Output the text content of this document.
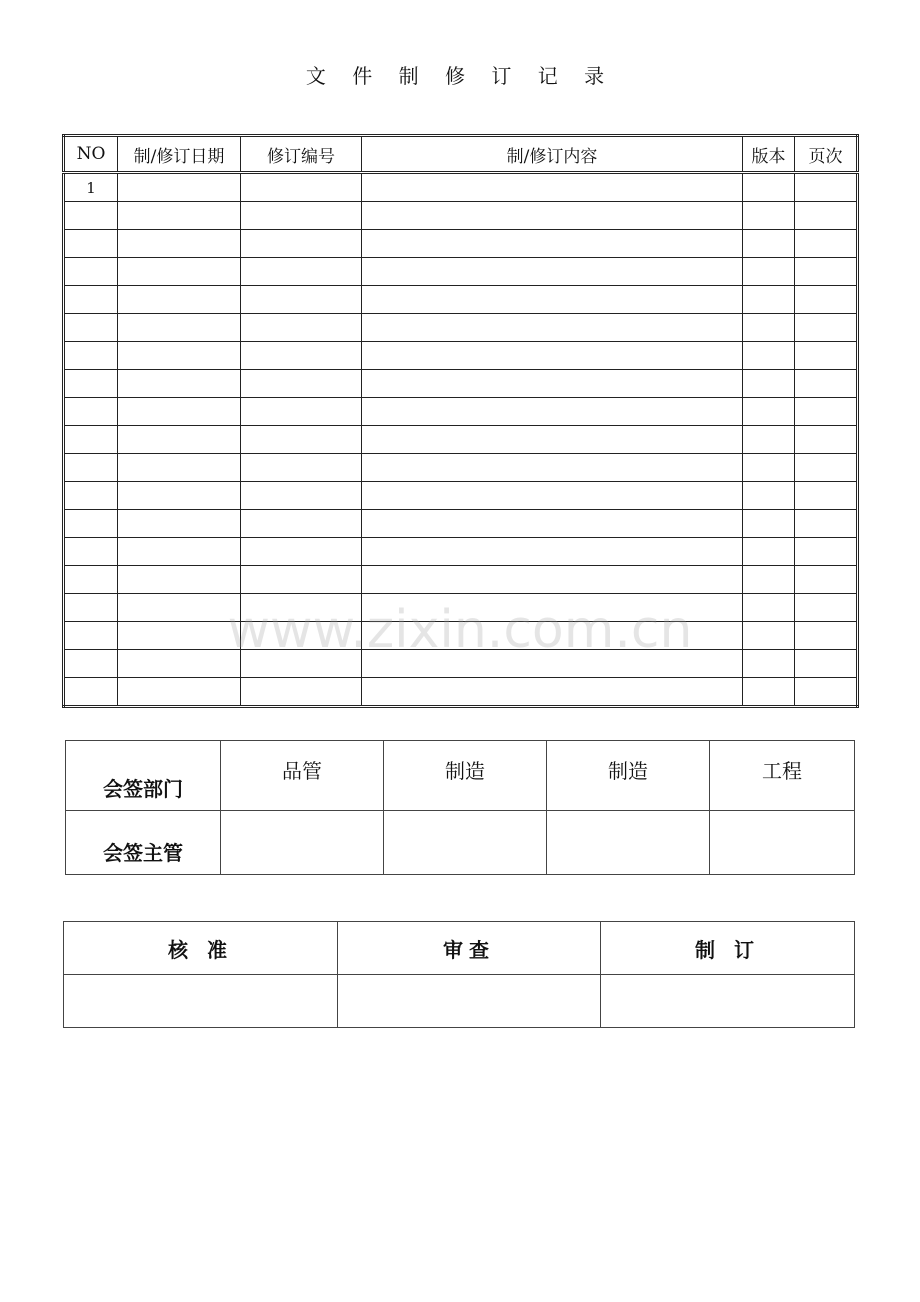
文 件 制 修 订 记 录
NO	制/修订日期	修订编号	制/修订内容	版本	页次
1					

会签部门	品管	制造	制造	工程
会签主管				
核 准	审查	制 订

www.zixin.com.cn
